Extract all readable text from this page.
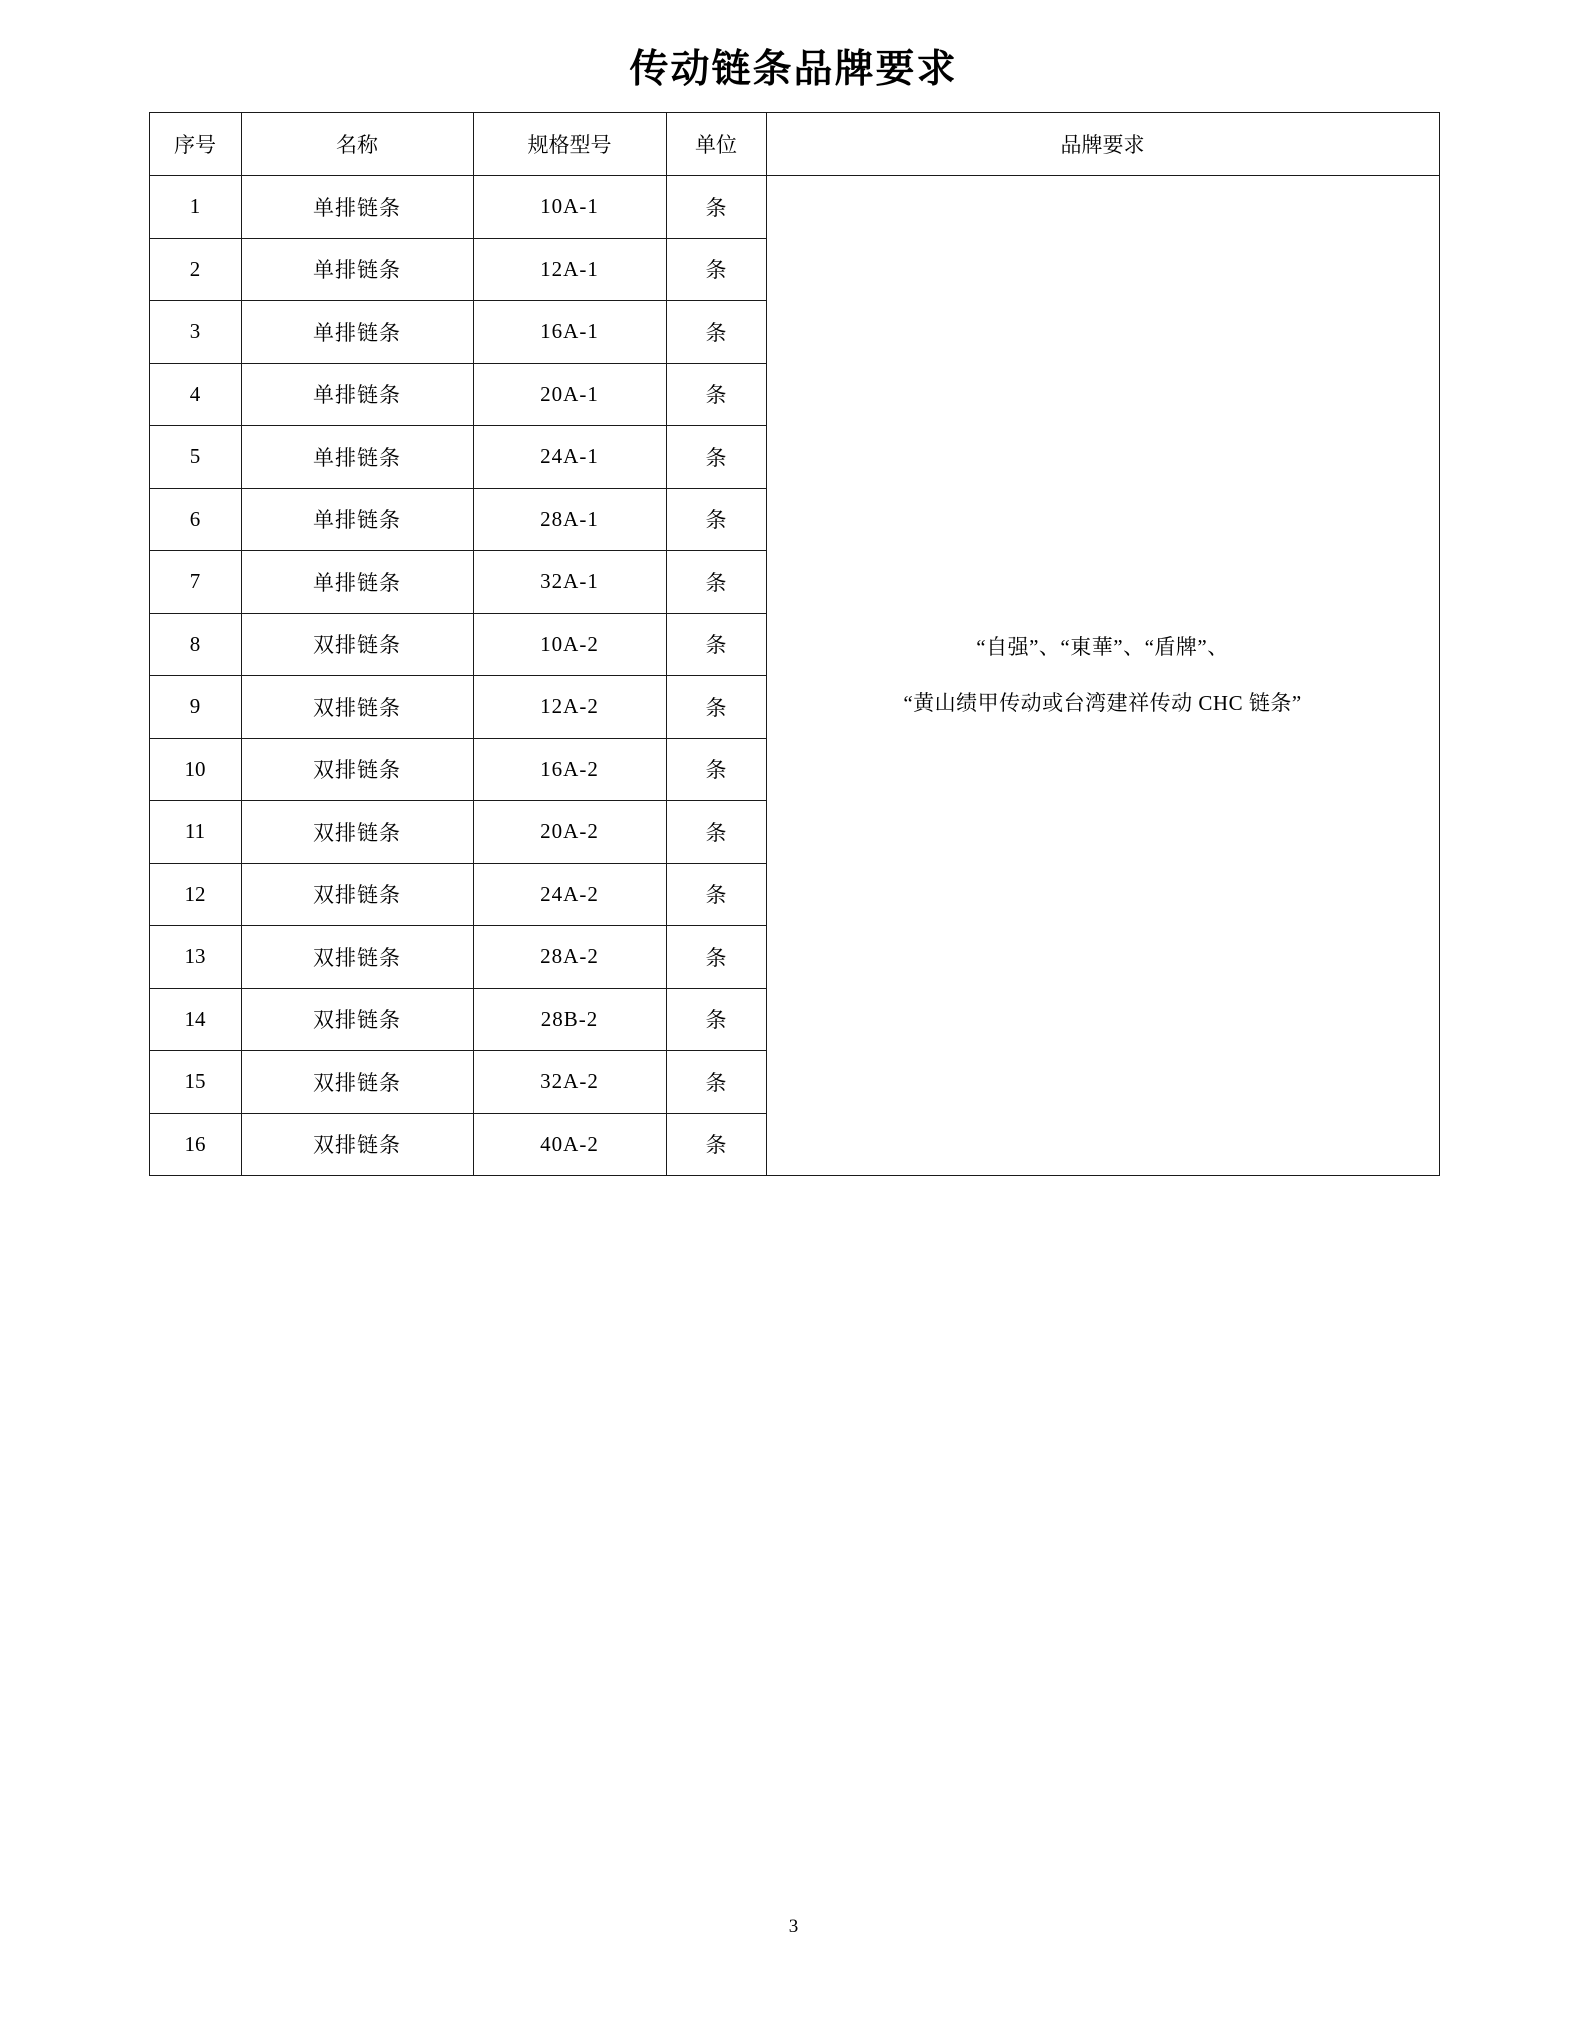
传动链条品牌要求
序号	名称	规格型号	单位	品牌要求
1	单排链条	10A-1	条	“自强”、“東華”、“盾牌”、
“黄山绩甲传动或台湾建祥传动 CHC 链条”

2	单排链条	12A-1	条	
3	单排链条	16A-1	条	
4	单排链条	20A-1	条	
5	单排链条	24A-1	条	
6	单排链条	28A-1	条	
7	单排链条	32A-1	条	
8	双排链条	10A-2	条	
9	双排链条	12A-2	条	
10	双排链条	16A-2	条	
11	双排链条	20A-2	条	
12	双排链条	24A-2	条	
13	双排链条	28A-2	条	
14	双排链条	28B-2	条	
15	双排链条	32A-2	条	
16	双排链条	40A-2	条	
3
